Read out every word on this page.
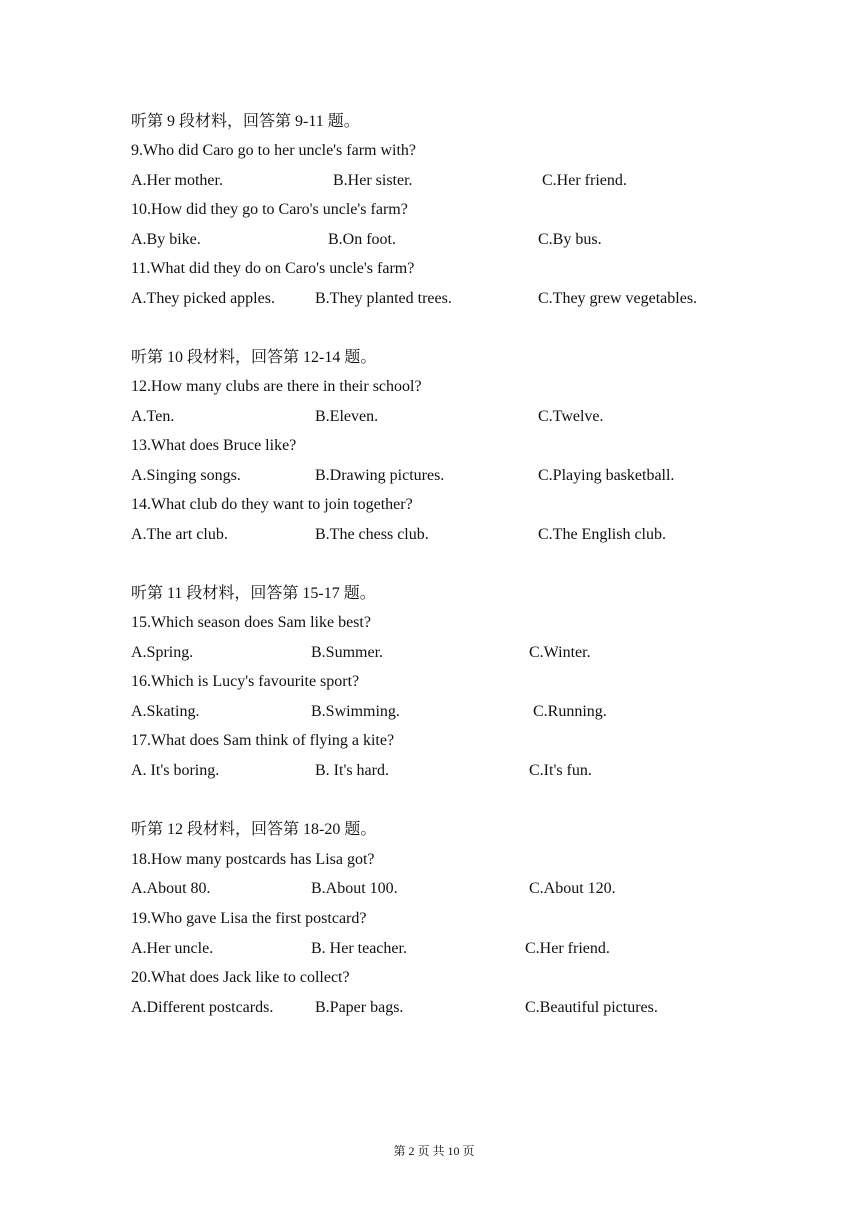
听第 9 段材料，回答第 9-11 题。
9.Who did Caro go to her uncle's farm with?
A.Her mother.	B.Her sister.	C.Her friend.
10.How did they go to Caro's uncle's farm?
A.By bike.	B.On foot.	C.By bus.
11.What did they do on Caro's uncle's farm?
A.They picked apples.	B.They planted trees.	C.They grew vegetables.
听第 10 段材料，回答第 12-14 题。
12.How many clubs are there in their school?
A.Ten.	B.Eleven.	C.Twelve.
13.What does Bruce like?
A.Singing songs.	B.Drawing pictures.	C.Playing basketball.
14.What club do they want to join together?
A.The art club.	B.The chess club.	C.The English club.
听第 11 段材料，回答第 15-17 题。
15.Which season does Sam like best?
A.Spring.	B.Summer.	C.Winter.
16.Which is Lucy's favourite sport?
A.Skating.	B.Swimming.	C.Running.
17.What does Sam think of flying a kite?
A. It's boring.	B. It's hard.	C.It's fun.
听第 12 段材料，回答第 18-20 题。
18.How many postcards has Lisa got?
A.About 80.	B.About 100.	C.About 120.
19.Who gave Lisa the first postcard?
A.Her uncle.	B. Her teacher.	C.Her friend.
20.What does Jack like to collect?
A.Different postcards.	B.Paper bags.	C.Beautiful pictures.
第 2 页 共 10 页
